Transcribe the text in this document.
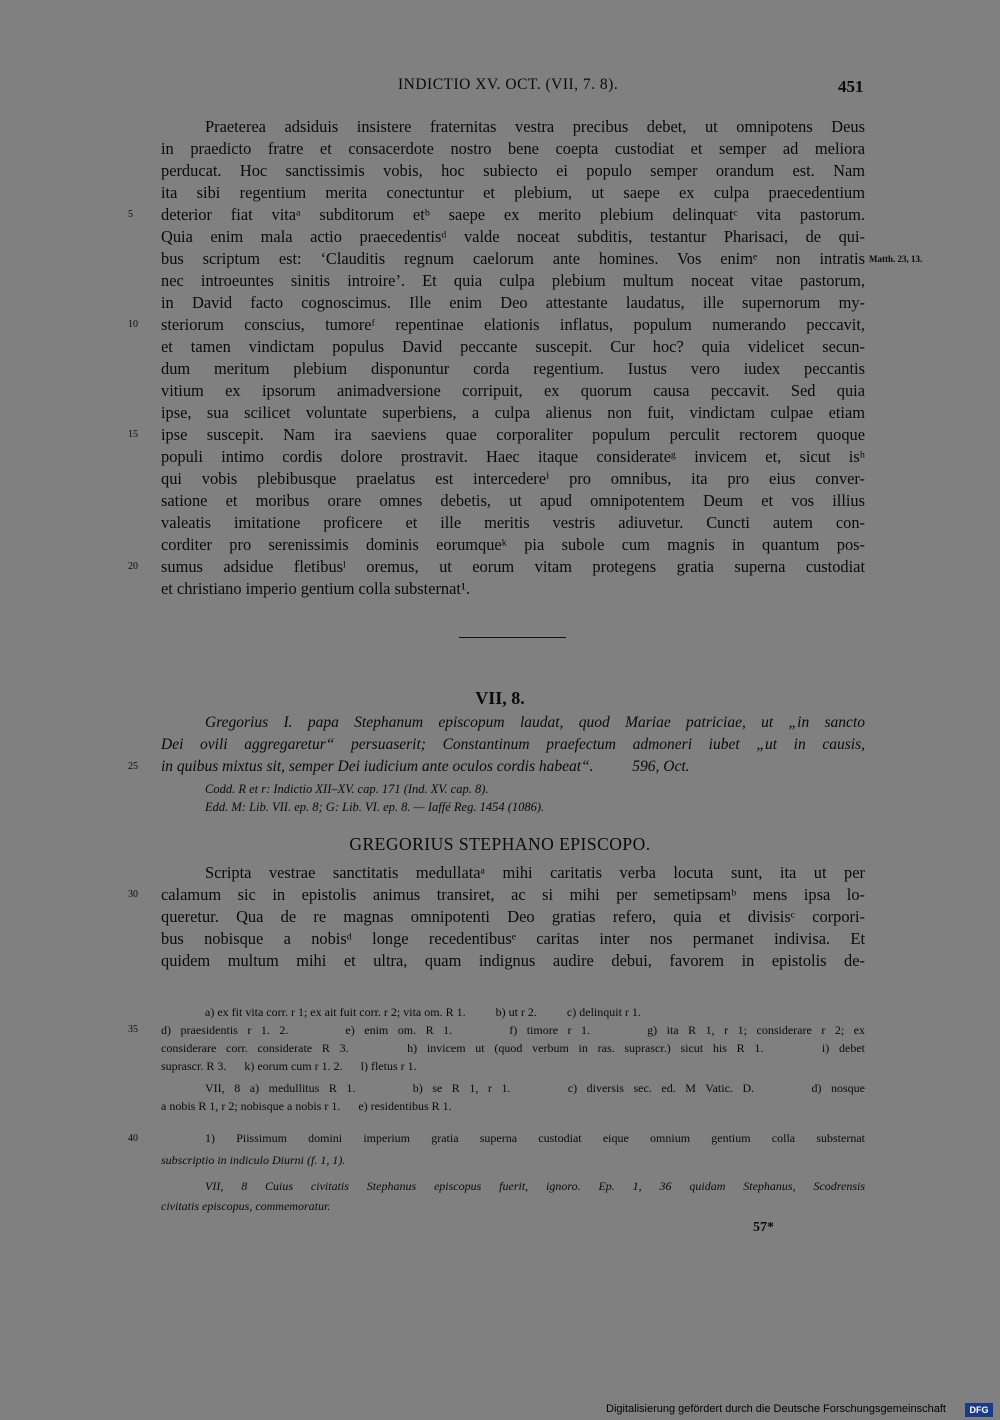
INDICTIO XV. OCT. (VII, 7. 8).	451
Praeterea adsiduis insistere fraternitas vestra precibus debet, ut omnipotens Deus
in praedicto fratre et consacerdote nostro bene coepta custodiat et semper ad meliora
perducat. Hoc sanctissimis vobis, hoc subiecto ei populo semper orandum est. Nam
ita sibi regentium merita conectuntur et plebium, ut saepe ex culpa praecedentium
deterior fiat vitaᵃ subditorum etᵇ saepe ex merito plebium delinquatᶜ vita pastorum.
Quia enim mala actio praecedentisᵈ valde noceat subditis, testantur Pharisaci, de qui-
bus scriptum est: ‘Clauditis regnum caelorum ante homines. Vos enimᵉ non intratis
nec introeuntes sinitis introire’. Et quia culpa plebium multum noceat vitae pastorum,
in David facto cognoscimus. Ille enim Deo attestante laudatus, ille supernorum my-
steriorum conscius, tumoreᶠ repentinae elationis inflatus, populum numerando peccavit,
et tamen vindictam populus David peccante suscepit. Cur hoc? quia videlicet secun-
dum meritum plebium disponuntur corda regentium. Iustus vero iudex peccantis
vitium ex ipsorum animadversione corripuit, ex quorum causa peccavit. Sed quia
ipse, sua scilicet voluntate superbiens, a culpa alienus non fuit, vindictam culpae etiam
ipse suscepit. Nam ira saeviens quae corporaliter populum perculit rectorem quoque
populi intimo cordis dolore prostravit. Haec itaque considerateᵍ invicem et, sicut isʰ
qui vobis plebibusque praelatus est intercedereⁱ pro omnibus, ita pro eius conver-
satione et moribus orare omnes debetis, ut apud omnipotentem Deum et vos illius
valeatis imitatione proficere et ille meritis vestris adiuvetur. Cuncti autem con-
corditer pro serenissimis dominis eorumqueᵏ pia subole cum magnis in quantum pos-
sumus adsidue fletibusˡ oremus, ut eorum vitam protegens gratia superna custodiat
et christiano imperio gentium colla substernat¹.
Matth. 23, 13.
5
10
15
20
25
30
35
40
VII, 8.
Gregorius I. papa Stephanum episcopum laudat, quod Mariae patriciae, ut „in sancto
Dei ovili aggregaretur“ persuaserit; Constantinum praefectum admoneri iubet „ut in causis,
in quibus mixtus sit, semper Dei iudicium ante oculos cordis habeat“.          596, Oct.
Codd. R et r: Indictio XII–XV. cap. 171 (Ind. XV. cap. 8).
Edd. M: Lib. VII. ep. 8; G: Lib. VI. ep. 8. — Iaffé Reg. 1454 (1086).
GREGORIUS STEPHANO EPISCOPO.
Scripta vestrae sanctitatis medullataᵃ mihi caritatis verba locuta sunt, ita ut per
calamum sic in epistolis animus transiret, ac si mihi per semetipsamᵇ mens ipsa lo-
queretur. Qua de re magnas omnipotenti Deo gratias refero, quia et divisisᶜ corpori-
bus nobisque a nobisᵈ longe recedentibusᵉ caritas inter nos permanet indivisa. Et
quidem multum mihi et ultra, quam indignus audire debui, favorem in epistolis de-
a) ex fit vita corr. r 1; ex ait fuit corr. r 2; vita om. R 1.          b) ut r 2.          c) delinquit r 1.
d) praesidentis r 1. 2.      e) enim om. R 1.      f) timore r 1.      g) ita R 1, r 1; considerare r 2; ex
considerare corr. considerate R 3.      h) invicem ut (quod verbum in ras. suprascr.) sicut his R 1.      i) debet
suprascr. R 3.      k) eorum cum r 1. 2.      l) fletus r 1.
VII, 8 a) medullitus R 1.      b) se R 1, r 1.      c) diversis sec. ed. M Vatic. D.      d) nosque
a nobis R 1, r 2; nobisque a nobis r 1.      e) residentibus R 1.
1) Piissimum domini imperium gratia superna custodiat eique omnium gentium colla substernat
subscriptio in indiculo Diurni (f. 1, 1).
VII, 8 Cuius civitatis Stephanus episcopus fuerit, ignoro. Ep. 1, 36 quidam Stephanus, Scodrensis
civitatis episcopus, commemoratur.
57*
Digitalisierung gefördert durch die Deutsche Forschungsgemeinschaft	DFG
